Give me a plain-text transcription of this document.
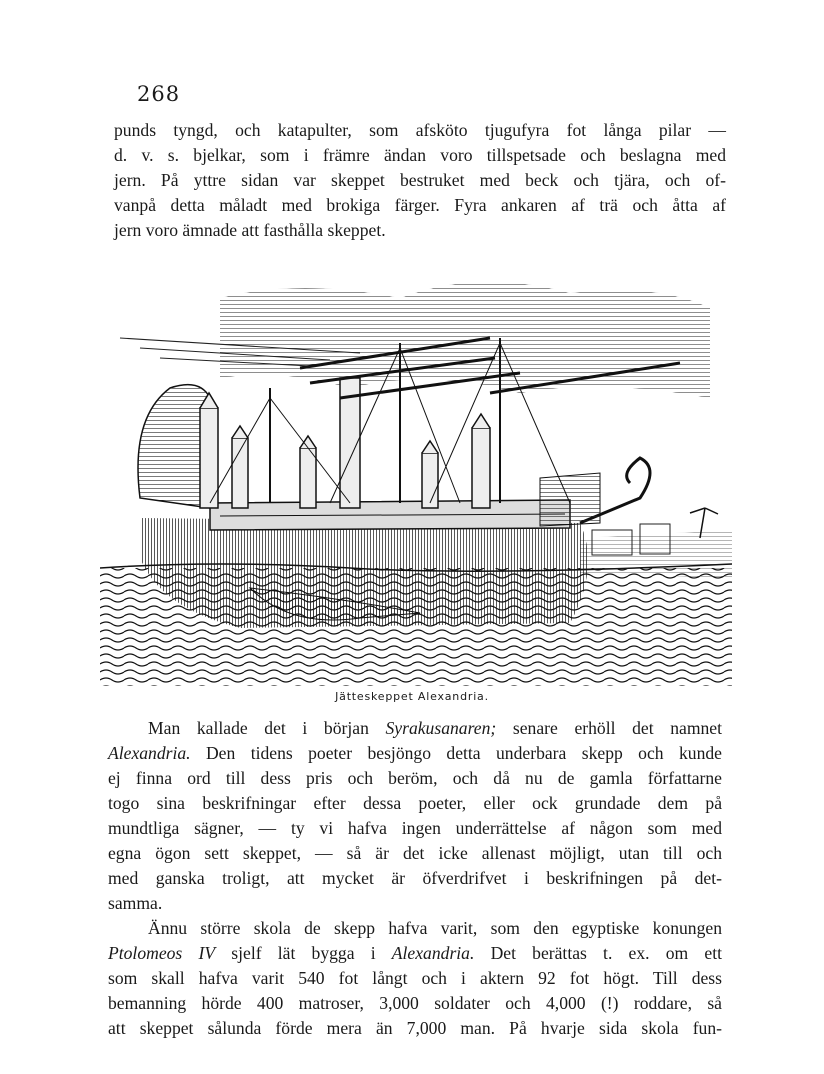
268
punds tyngd, och katapulter, som afsköto tjugufyra fot långa pilar —
d. v. s. bjelkar, som i främre ändan voro tillspetsade och beslagna med
jern. På yttre sidan var skeppet bestruket med beck och tjära, och of-
vanpå detta måladt med brokiga färger. Fyra ankaren af trä och åtta af
jern voro ämnade att fasthålla skeppet.
Jätteskeppet Alexandria.
Man kallade det i början Syrakusanaren; senare erhöll det namnet
Alexandria. Den tidens poeter besjöngo detta underbara skepp och kunde
ej finna ord till dess pris och beröm, och då nu de gamla författarne
togo sina beskrifningar efter dessa poeter, eller ock grundade dem på
mundtliga sägner, — ty vi hafva ingen underrättelse af någon som med
egna ögon sett skeppet, — så är det icke allenast möjligt, utan till och
med ganska troligt, att mycket är öfverdrifvet i beskrifningen på det-
samma.
Ännu större skola de skepp hafva varit, som den egyptiske konungen
Ptolomeos IV sjelf lät bygga i Alexandria. Det berättas t. ex. om ett
som skall hafva varit 540 fot långt och i aktern 92 fot högt. Till dess
bemanning hörde 400 matroser, 3,000 soldater och 4,000 (!) roddare, så
att skeppet sålunda förde mera än 7,000 man. På hvarje sida skola fun-
